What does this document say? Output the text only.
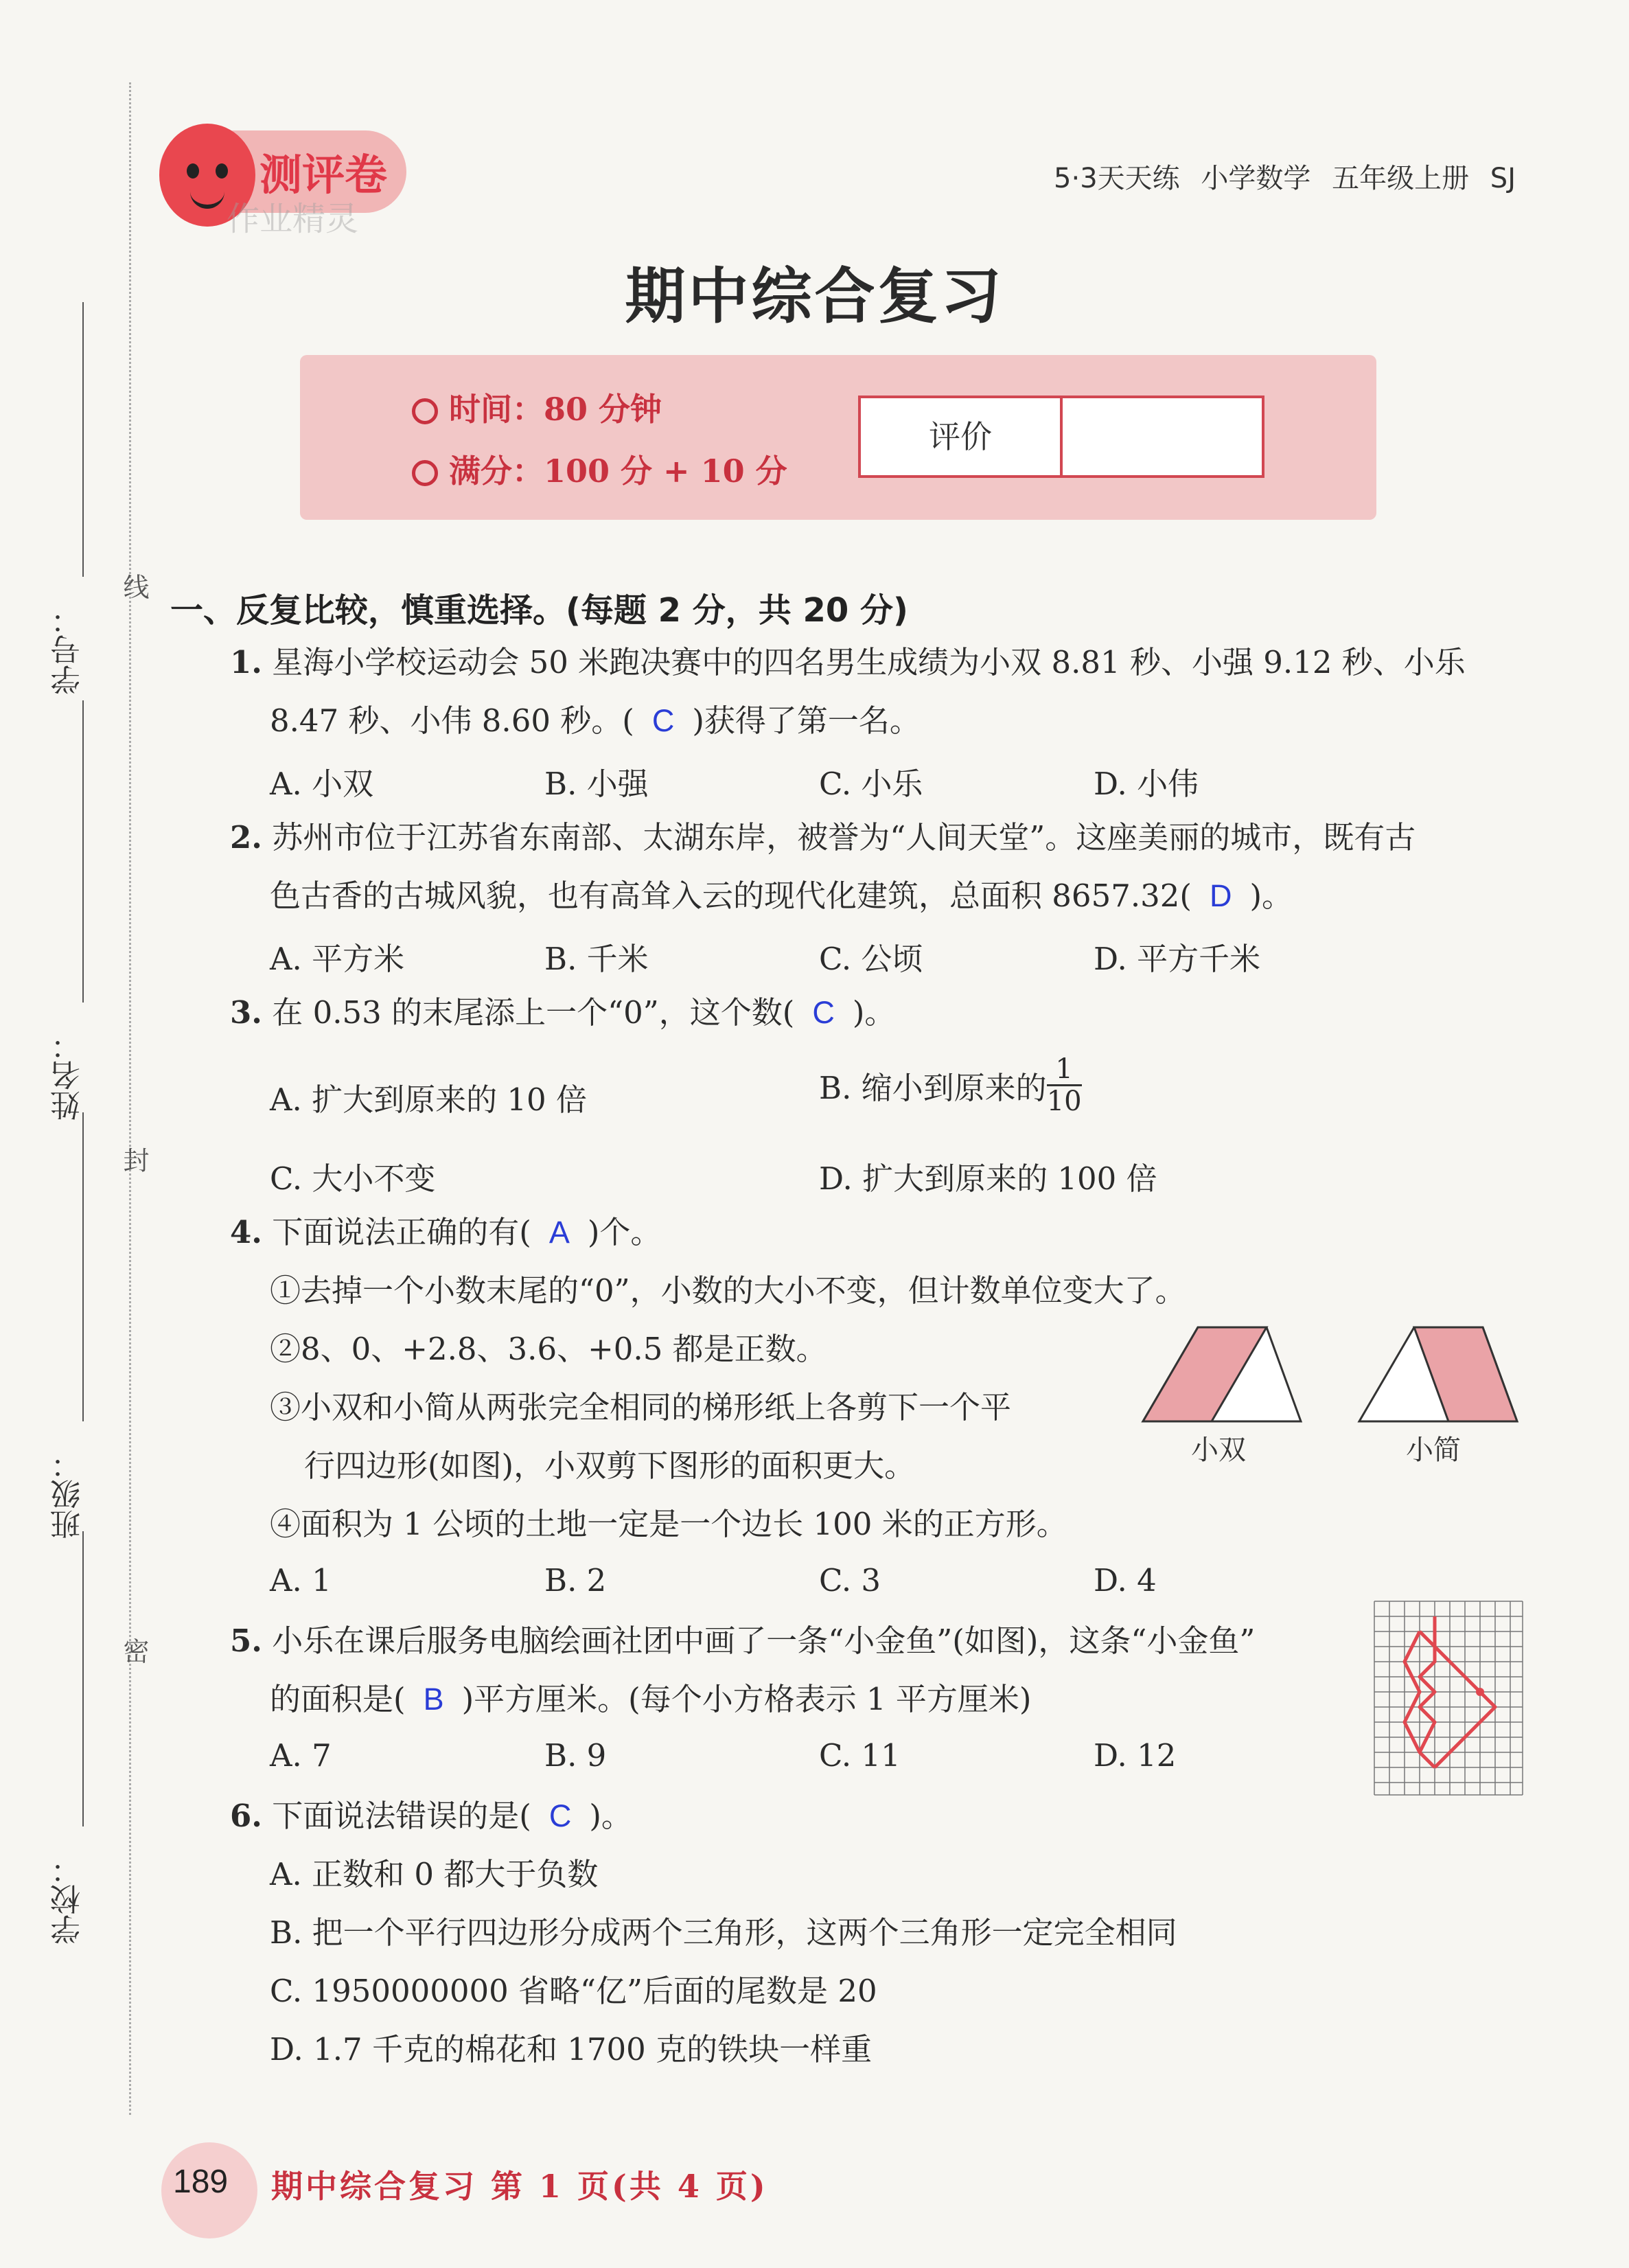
测评卷
作业精灵
5·3天天练 小学数学 五年级上册 SJ
期中综合复习
时间：80 分钟
满分：100 分 + 10 分
评价
学号：
姓名：
班级：
学校：
线
封
密
一、反复比较，慎重选择。(每题 2 分，共 20 分)
1. 星海小学校运动会 50 米跑决赛中的四名男生成绩为小双 8.81 秒、小强 9.12 秒、小乐
8.47 秒、小伟 8.60 秒。( C )获得了第一名。
A. 小双	B. 小强	C. 小乐	D. 小伟
2. 苏州市位于江苏省东南部、太湖东岸，被誉为“人间天堂”。这座美丽的城市，既有古
色古香的古城风貌，也有高耸入云的现代化建筑，总面积 8657.32( D )。
A. 平方米	B. 千米	C. 公顷	D. 平方千米
3. 在 0.53 的末尾添上一个“0”，这个数( C )。
A. 扩大到原来的 10 倍	B. 缩小到原来的 $\frac{1}{10}$
C. 大小不变	D. 扩大到原来的 100 倍
4. 下面说法正确的有( A )个。
①去掉一个小数末尾的“0”，小数的大小不变，但计数单位变大了。
②8、0、+2.8、3.6、+0.5 都是正数。
③小双和小简从两张完全相同的梯形纸上各剪下一个平
行四边形(如图)，小双剪下图形的面积更大。
④面积为 1 公顷的土地一定是一个边长 100 米的正方形。
A. 1	B. 2	C. 3	D. 4
小双	小简
5. 小乐在课后服务电脑绘画社团中画了一条“小金鱼”(如图)，这条“小金鱼”
的面积是( B )平方厘米。(每个小方格表示 1 平方厘米)
A. 7	B. 9	C. 11	D. 12
6. 下面说法错误的是( C )。
A. 正数和 0 都大于负数
B. 把一个平行四边形分成两个三角形，这两个三角形一定完全相同
C. 1950000000 省略“亿”后面的尾数是 20
D. 1.7 千克的棉花和 1700 克的铁块一样重
189 期中综合复习 第 1 页(共 4 页)
